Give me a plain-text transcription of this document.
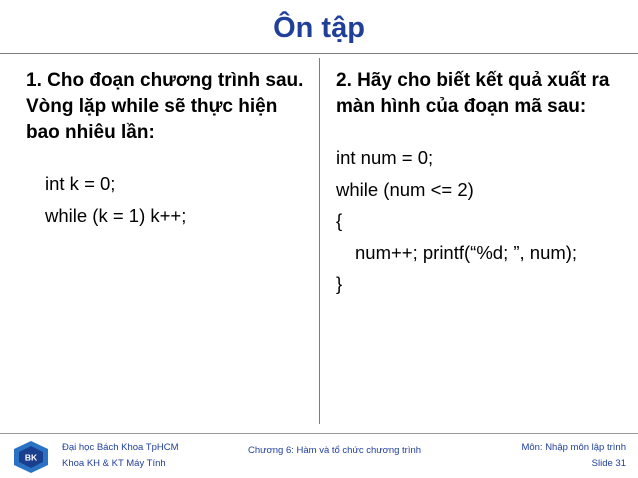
Ôn tập
1. Cho đoạn chương trình sau. Vòng lặp while sẽ thực hiện bao nhiêu lần:
int k = 0;
while (k = 1) k++;
2. Hãy cho biết kết quả xuất ra màn hình của đoạn mã sau:
int num = 0;
while (num <= 2)
{
num++; printf(“%d; ”, num);
}
BK
Đại học Bách Khoa TpHCM
Khoa KH & KT Máy Tính
Chương 6: Hàm và tổ chức chương trình	Môn: Nhập môn lập trình
Slide 31
